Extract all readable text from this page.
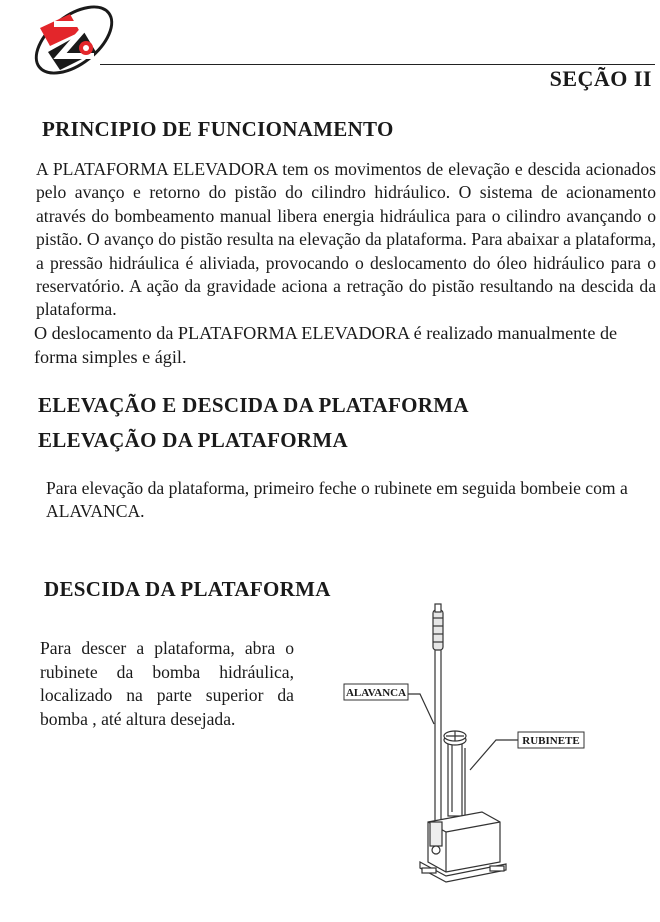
SEÇÃO II
PRINCIPIO DE FUNCIONAMENTO

A PLATAFORMA ELEVADORA tem os movimentos de elevação e descida acionados pelo avanço e retorno do pistão do cilindro hidráulico. O sistema de acionamento através do bombeamento manual libera energia hidráulica para o cilindro avançando o pistão. O avanço do pistão resulta na elevação da plataforma. Para abaixar a plataforma, a pressão hidráulica é aliviada, provocando o deslocamento do óleo hidráulico para o reservatório. A ação da gravidade aciona a retração do pistão resultando na descida da plataforma.

O deslocamento da PLATAFORMA ELEVADORA é realizado manualmente de forma simples e ágil.

ELEVAÇÃO E DESCIDA DA PLATAFORMA
ELEVAÇÃO DA PLATAFORMA

Para elevação da plataforma, primeiro feche o rubinete em seguida bombeie com a ALAVANCA.

DESCIDA DA PLATAFORMA

Para descer a plataforma, abra o rubinete da bomba hidráulica, localizado na parte superior da bomba , até altura desejada.

ALAVANCA
RUBINETE
